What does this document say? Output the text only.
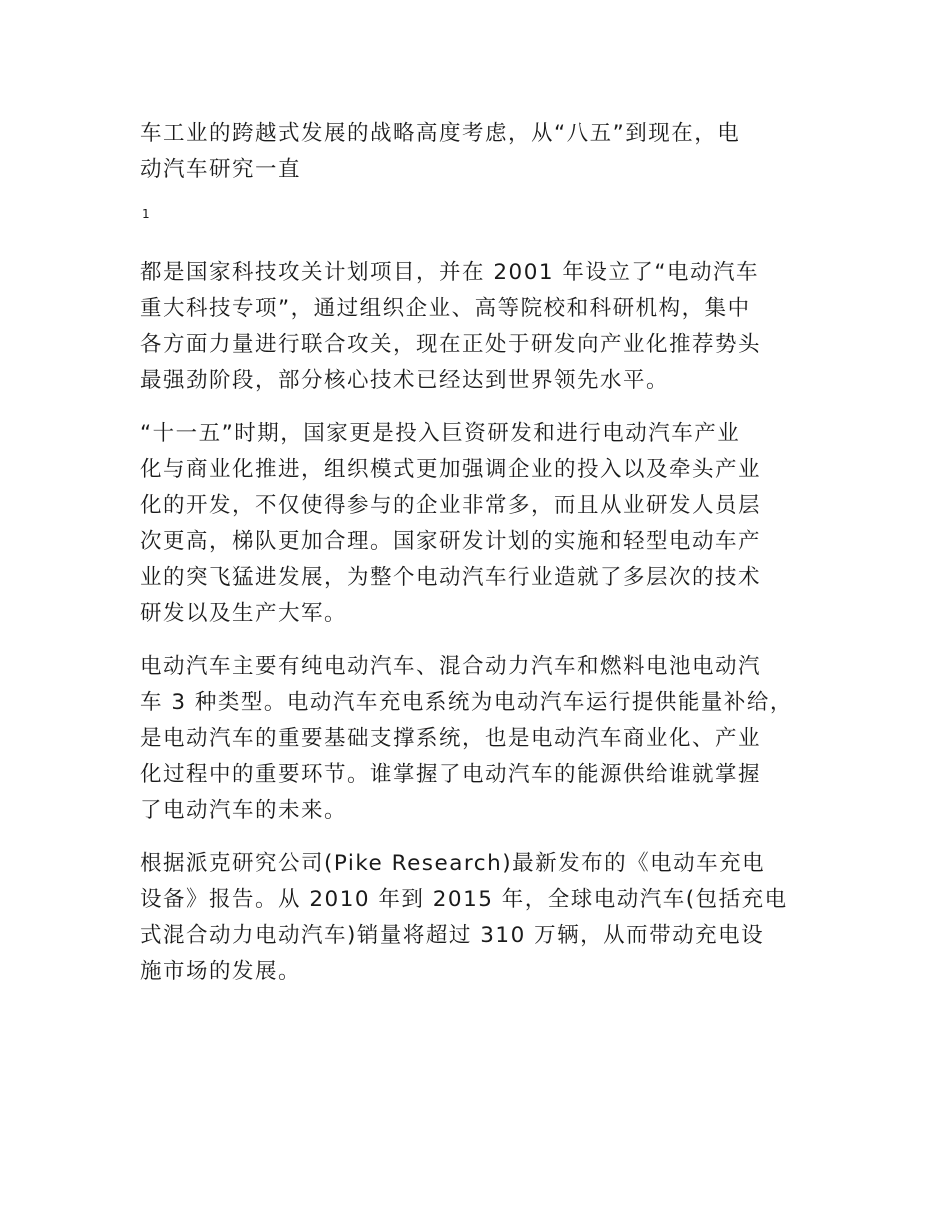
车工业的跨越式发展的战略高度考虑，从“八五”到现在，电
动汽车研究一直

1

都是国家科技攻关计划项目，并在 2001 年设立了“电动汽车
重大科技专项”，通过组织企业、高等院校和科研机构，集中
各方面力量进行联合攻关，现在正处于研发向产业化推荐势头
最强劲阶段，部分核心技术已经达到世界领先水平。

“十一五”时期，国家更是投入巨资研发和进行电动汽车产业
化与商业化推进，组织模式更加强调企业的投入以及牵头产业
化的开发，不仅使得参与的企业非常多，而且从业研发人员层
次更高，梯队更加合理。国家研发计划的实施和轻型电动车产
业的突飞猛进发展，为整个电动汽车行业造就了多层次的技术
研发以及生产大军。

电动汽车主要有纯电动汽车、混合动力汽车和燃料电池电动汽
车 3 种类型。电动汽车充电系统为电动汽车运行提供能量补给，
是电动汽车的重要基础支撑系统，也是电动汽车商业化、产业
化过程中的重要环节。谁掌握了电动汽车的能源供给谁就掌握
了电动汽车的未来。

根据派克研究公司(Pike Research)最新发布的《电动车充电
设备》报告。从 2010 年到 2015 年，全球电动汽车(包括充电
式混合动力电动汽车)销量将超过 310 万辆，从而带动充电设
施市场的发展。
